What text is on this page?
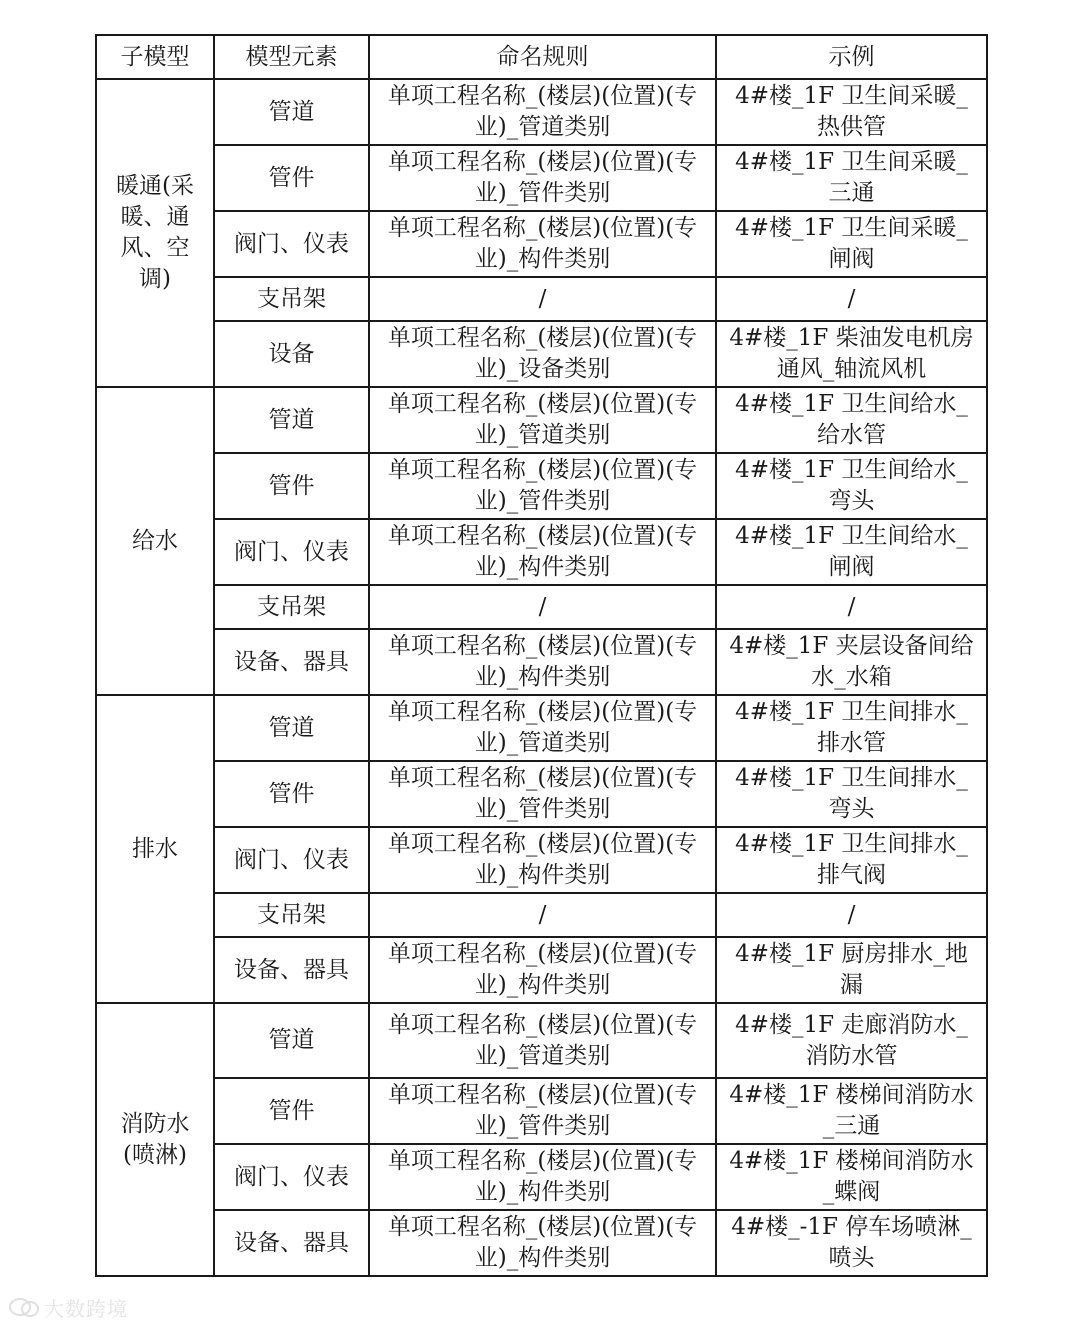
子模型	模型元素	命名规则	示例
暖通(采暖、通风、空调)	管道	单项工程名称_(楼层)(位置)(专业)_管道类别	4#楼_1F 卫生间采暖_热供管
	管件	单项工程名称_(楼层)(位置)(专业)_管件类别	4#楼_1F 卫生间采暖_三通
	阀门、仪表	单项工程名称_(楼层)(位置)(专业)_构件类别	4#楼_1F 卫生间采暖_闸阀
	支吊架	/	/
	设备	单项工程名称_(楼层)(位置)(专业)_设备类别	4#楼_1F 柴油发电机房通风_轴流风机
给水	管道	单项工程名称_(楼层)(位置)(专业)_管道类别	4#楼_1F 卫生间给水_给水管
	管件	单项工程名称_(楼层)(位置)(专业)_管件类别	4#楼_1F 卫生间给水_弯头
	阀门、仪表	单项工程名称_(楼层)(位置)(专业)_构件类别	4#楼_1F 卫生间给水_闸阀
	支吊架	/	/
	设备、器具	单项工程名称_(楼层)(位置)(专业)_构件类别	4#楼_1F 夹层设备间给水_水箱
排水	管道	单项工程名称_(楼层)(位置)(专业)_管道类别	4#楼_1F 卫生间排水_排水管
	管件	单项工程名称_(楼层)(位置)(专业)_管件类别	4#楼_1F 卫生间排水_弯头
	阀门、仪表	单项工程名称_(楼层)(位置)(专业)_构件类别	4#楼_1F 卫生间排水_排气阀
	支吊架	/	/
	设备、器具	单项工程名称_(楼层)(位置)(专业)_构件类别	4#楼_1F 厨房排水_地漏
消防水(喷淋)	管道	单项工程名称_(楼层)(位置)(专业)_管道类别	4#楼_1F 走廊消防水_消防水管
	管件	单项工程名称_(楼层)(位置)(专业)_管件类别	4#楼_1F 楼梯间消防水_三通
	阀门、仪表	单项工程名称_(楼层)(位置)(专业)_构件类别	4#楼_1F 楼梯间消防水_蝶阀
	设备、器具	单项工程名称_(楼层)(位置)(专业)_构件类别	4#楼_-1F 停车场喷淋_喷头
大数跨境
